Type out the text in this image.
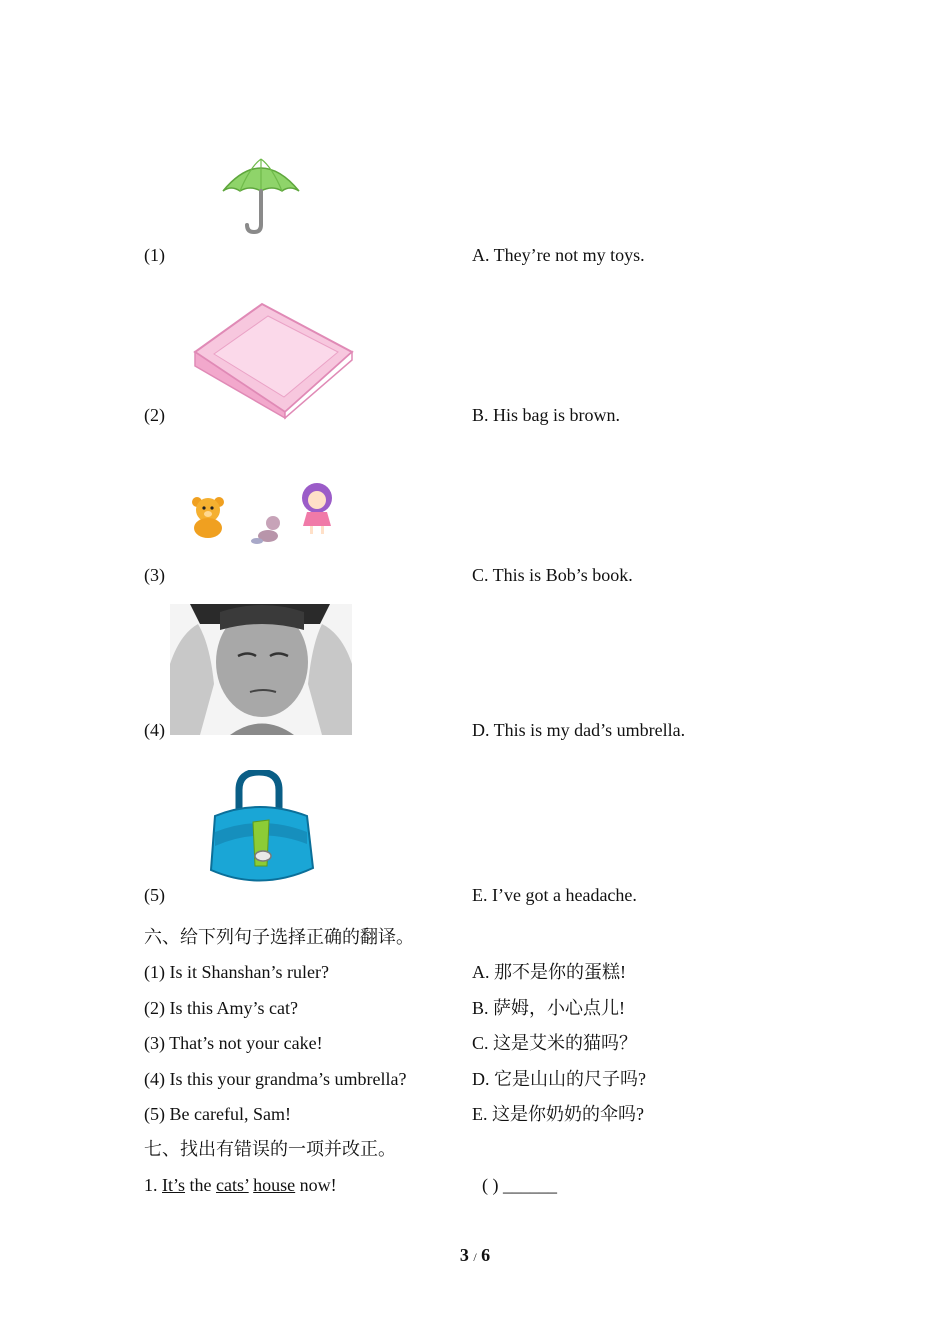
(1)	A. They’re not my toys.
(2)	B. His bag is brown.
(3)	C. This is Bob’s book.
(4)	D. This is my dad’s umbrella.
(5)	E. I’ve got a headache.
六、给下列句子选择正确的翻译。
(1) Is it Shanshan’s ruler?	A. 那不是你的蛋糕!
(2) Is this Amy’s cat?	B. 萨姆，小心点儿!
(3) That’s not your cake!	C. 这是艾米的猫吗？
(4) Is this your grandma’s umbrella?	D. 它是山山的尺子吗?
(5) Be careful, Sam!	E. 这是你奶奶的伞吗?
七、找出有错误的一项并改正。
1. It’s the cats’ house now!	( ) ______
3 / 6
